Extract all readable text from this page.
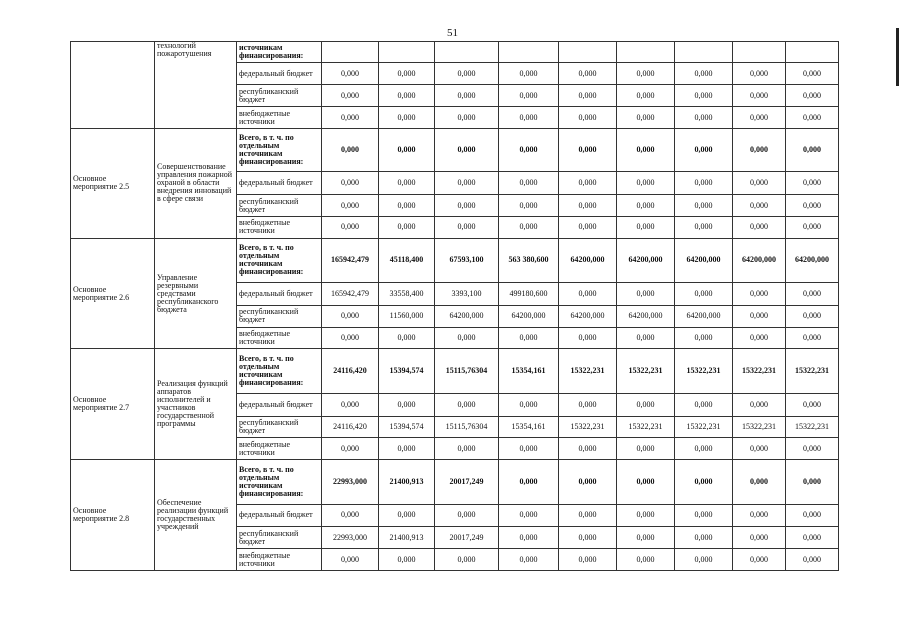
51
	технологий пожаротушения	источникам финансирования:									
		федеральный бюджет	0,000	0,000	0,000	0,000	0,000	0,000	0,000	0,000	0,000
		республиканский бюджет	0,000	0,000	0,000	0,000	0,000	0,000	0,000	0,000	0,000
		внебюджетные источники	0,000	0,000	0,000	0,000	0,000	0,000	0,000	0,000	0,000
Основное мероприятие 2.5	Совершенствование управления пожарной охраной в области внедрения инноваций в сфере связи	Всего, в т. ч. по отдельным источникам финансирования:	0,000	0,000	0,000	0,000	0,000	0,000	0,000	0,000	0,000
		федеральный бюджет	0,000	0,000	0,000	0,000	0,000	0,000	0,000	0,000	0,000
		республиканский бюджет	0,000	0,000	0,000	0,000	0,000	0,000	0,000	0,000	0,000
		внебюджетные источники	0,000	0,000	0,000	0,000	0,000	0,000	0,000	0,000	0,000
Основное мероприятие 2.6	Управление резервными средствами республиканского бюджета	Всего, в т. ч. по отдельным источникам финансирования:	165942,479	45118,400	67593,100	563 380,600	64200,000	64200,000	64200,000	64200,000	64200,000
		федеральный бюджет	165942,479	33558,400	3393,100	499180,600	0,000	0,000	0,000	0,000	0,000
		республиканский бюджет	0,000	11560,000	64200,000	64200,000	64200,000	64200,000	64200,000	0,000	0,000
		внебюджетные источники	0,000	0,000	0,000	0,000	0,000	0,000	0,000	0,000	0,000
Основное мероприятие 2.7	Реализация функций аппаратов исполнителей и участников государственной программы	Всего, в т. ч. по отдельным источникам финансирования:	24116,420	15394,574	15115,76304	15354,161	15322,231	15322,231	15322,231	15322,231	15322,231
		федеральный бюджет	0,000	0,000	0,000	0,000	0,000	0,000	0,000	0,000	0,000
		республиканский бюджет	24116,420	15394,574	15115,76304	15354,161	15322,231	15322,231	15322,231	15322,231	15322,231
		внебюджетные источники	0,000	0,000	0,000	0,000	0,000	0,000	0,000	0,000	0,000
Основное мероприятие 2.8	Обеспечение реализации функций государственных учреждений	Всего, в т. ч. по отдельным источникам финансирования:	22993,000	21400,913	20017,249	0,000	0,000	0,000	0,000	0,000	0,000
		федеральный бюджет	0,000	0,000	0,000	0,000	0,000	0,000	0,000	0,000	0,000
		республиканский бюджет	22993,000	21400,913	20017,249	0,000	0,000	0,000	0,000	0,000	0,000
		внебюджетные источники	0,000	0,000	0,000	0,000	0,000	0,000	0,000	0,000	0,000
